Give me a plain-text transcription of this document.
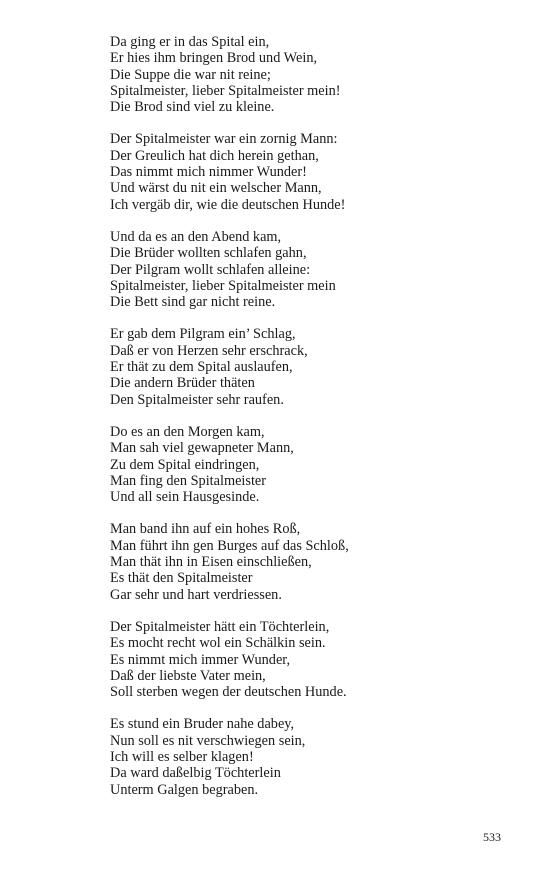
Da ging er in das Spital ein,
Er hies ihm bringen Brod und Wein,
Die Suppe die war nit reine;
Spitalmeister, lieber Spitalmeister mein!
Die Brod sind viel zu kleine.
Der Spitalmeister war ein zornig Mann:
Der Greulich hat dich herein gethan,
Das nimmt mich nimmer Wunder!
Und wärst du nit ein welscher Mann,
Ich vergäb dir, wie die deutschen Hunde!
Und da es an den Abend kam,
Die Brüder wollten schlafen gahn,
Der Pilgram wollt schlafen alleine:
Spitalmeister, lieber Spitalmeister mein
Die Bett sind gar nicht reine.
Er gab dem Pilgram ein’ Schlag,
Daß er von Herzen sehr erschrack,
Er thät zu dem Spital auslaufen,
Die andern Brüder thäten
Den Spitalmeister sehr raufen.
Do es an den Morgen kam,
Man sah viel gewapneter Mann,
Zu dem Spital eindringen,
Man fing den Spitalmeister
Und all sein Hausgesinde.
Man band ihn auf ein hohes Roß,
Man führt ihn gen Burges auf das Schloß,
Man thät ihn in Eisen einschließen,
Es thät den Spitalmeister
Gar sehr und hart verdriessen.
Der Spitalmeister hätt ein Töchterlein,
Es mocht recht wol ein Schälkin sein.
Es nimmt mich immer Wunder,
Daß der liebste Vater mein,
Soll sterben wegen der deutschen Hunde.
Es stund ein Bruder nahe dabey,
Nun soll es nit verschwiegen sein,
Ich will es selber klagen!
Da ward daßelbig Töchterlein
Unterm Galgen begraben.
533
